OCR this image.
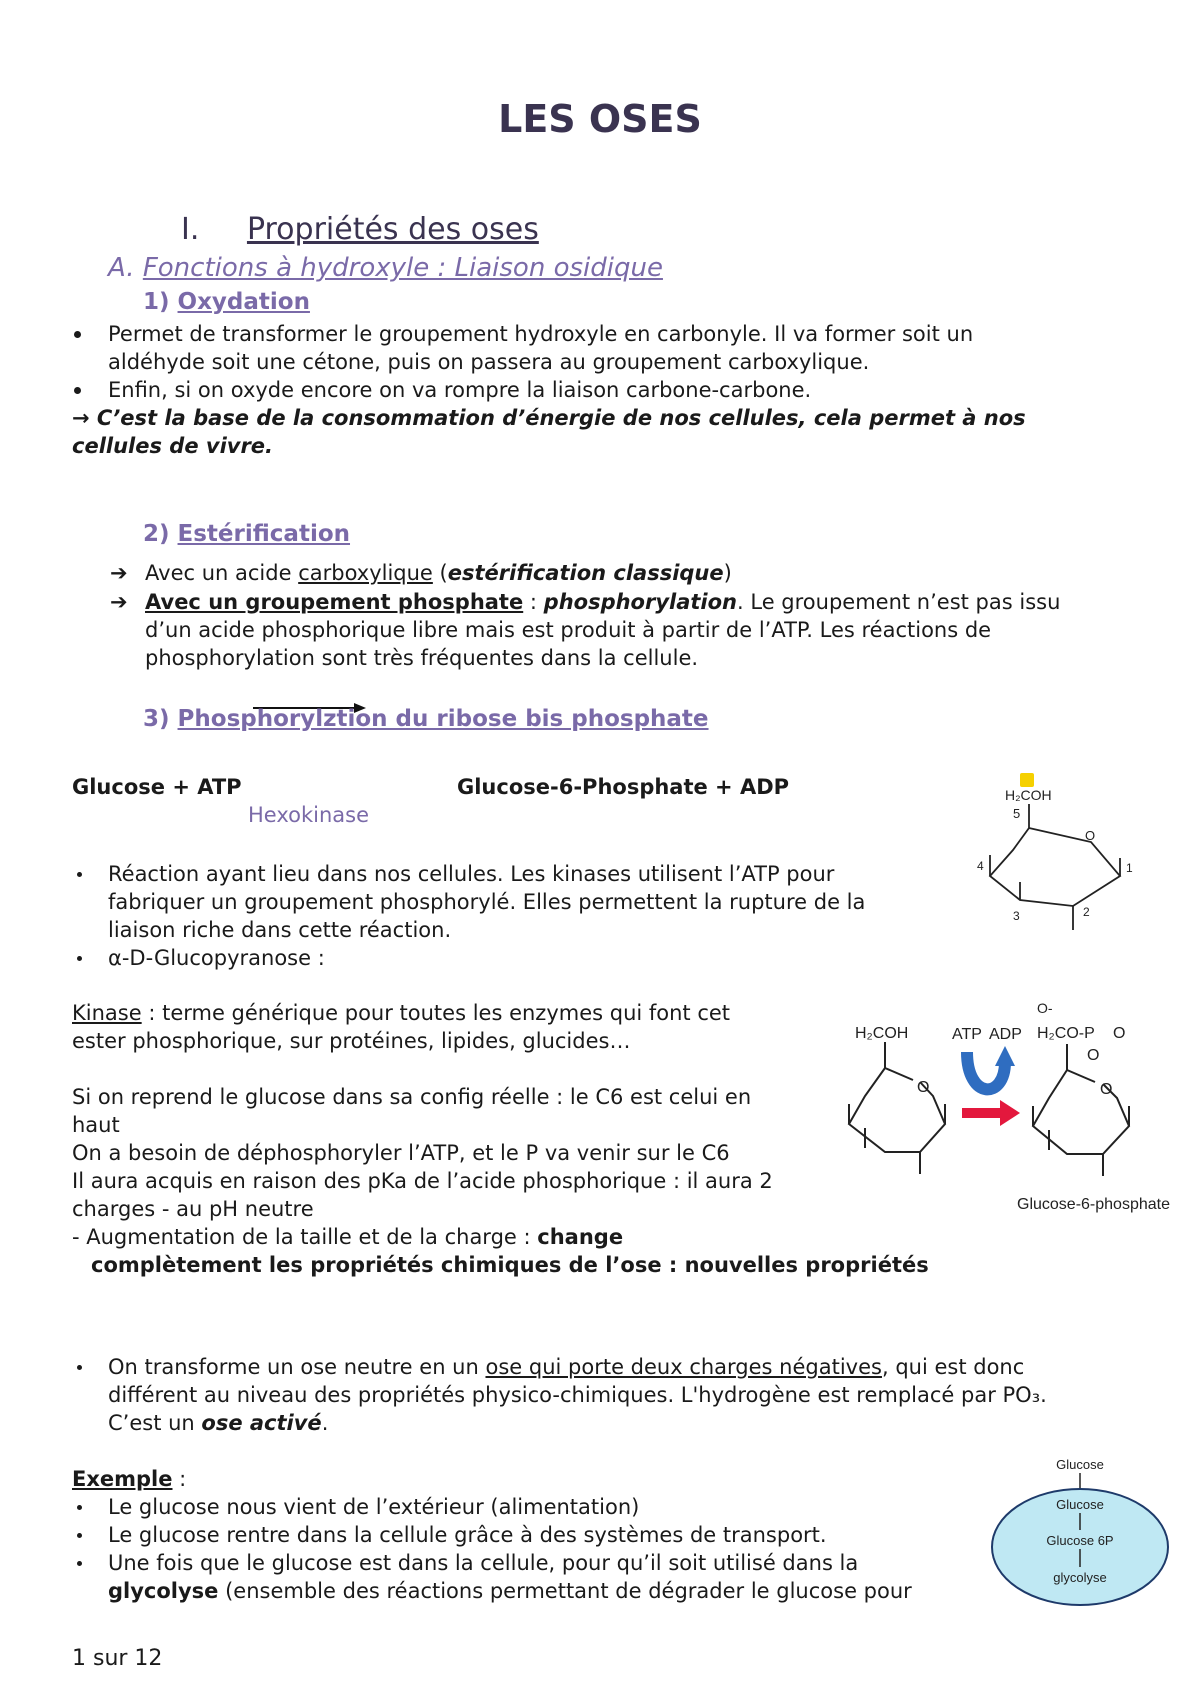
LES OSES
I. Propriétés des oses
A. Fonctions à hydroxyle : Liaison osidique
1) Oxydation
Permet de transformer le groupement hydroxyle en carbonyle. Il va former soit un
aldéhyde soit une cétone, puis on passera au groupement carboxylique.
Enfin, si on oxyde encore on va rompre la liaison carbone-carbone.
→ C’est la base de la consommation d’énergie de nos cellules, cela permet à nos
cellules de vivre.
2) Estérification
➔ Avec un acide carboxylique (estérification classique)
➔ Avec un groupement phosphate : phosphorylation. Le groupement n’est pas issu
d’un acide phosphorique libre mais est produit à partir de l’ATP. Les réactions de
phosphorylation sont très fréquentes dans la cellule.
3) Phosphorylztion du ribose bis phosphate
Glucose + ATP	Glucose-6-Phosphate + ADP
Hexokinase
Réaction ayant lieu dans nos cellules. Les kinases utilisent l’ATP pour
fabriquer un groupement phosphorylé. Elles permettent la rupture de la
liaison riche dans cette réaction.
α-D-Glucopyranose :
H₂COH
5
O
4	1
3	2
Kinase : terme générique pour toutes les enzymes qui font cet
ester phosphorique, sur protéines, lipides, glucides…
Si on reprend le glucose dans sa config réelle : le C6 est celui en
haut
On a besoin de déphosphoryler l’ATP, et le P va venir sur le C6
Il aura acquis en raison des pKa de l’acide phosphorique : il aura 2
charges - au pH neutre
- Augmentation de la taille et de la charge : change
complètement les propriétés chimiques de l’ose : nouvelles propriétés
H₂COH
O
ATP ADP
O-
H₂CO-P O
O
O
Glucose-6-phosphate
On transforme un ose neutre en un ose qui porte deux charges négatives, qui est donc
différent au niveau des propriétés physico-chimiques. L'hydrogène est remplacé par PO₃.
C’est un ose activé.
Exemple :
Le glucose nous vient de l’extérieur (alimentation)
Le glucose rentre dans la cellule grâce à des systèmes de transport.
Une fois que le glucose est dans la cellule, pour qu’il soit utilisé dans la
glycolyse (ensemble des réactions permettant de dégrader le glucose pour
Glucose
Glucose
Glucose 6P
glycolyse
1 sur 12
